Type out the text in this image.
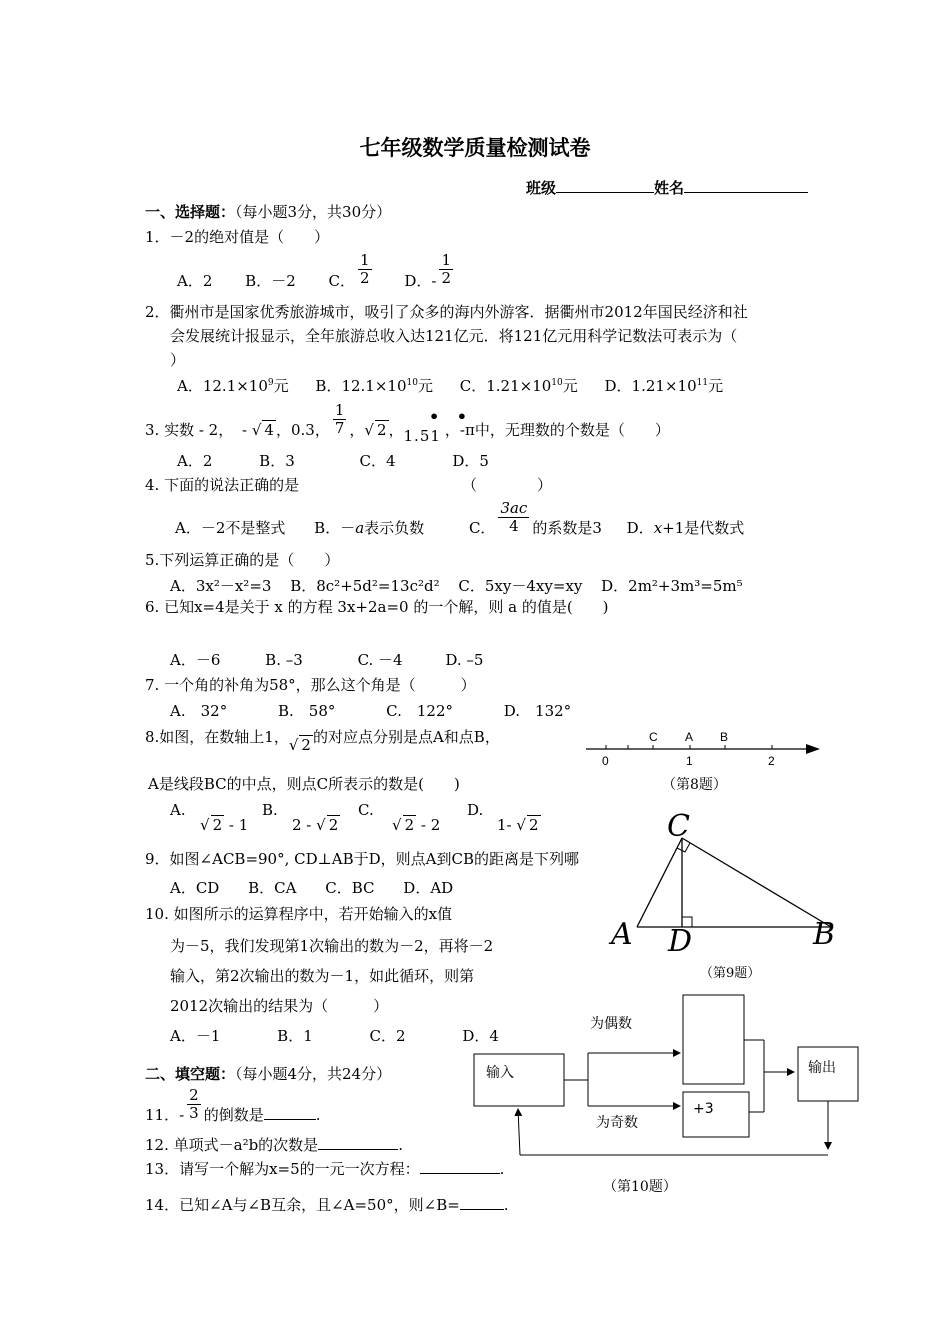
七年级数学质量检测试卷
班级	姓名
一、选择题：（每小题3分，共30分）
1．－2的绝对值是（　　）
A．2 B．－2 C． $\frac{1}{2}$ D．- $\frac{1}{2}$
2．衢州市是国家优秀旅游城市，吸引了众多的海内外游客．据衢州市2012年国民经济和社
会发展统计报显示，全年旅游总收入达121亿元．将121亿元用科学记数法可表示为（
）
A．$12.1\times 10^9$元 B．$12.1\times 10^{10}$元 C．$1.21\times 10^{10}$元 D．$1.21\times 10^{11}$元
3. 实数 - 2， - √ 4 ，0.3， $\frac{1}{7}$ ，√ 2 ，1.51 ，-π中，无理数的个数是（　　）
• •
A．2	B．3	C．4	D．5
4. 下面的说法正确的是	（　　　　）
A．－2不是整式 B．－a表示负数	C． $\frac{3ac}{4}$ 的系数是3 D．x+1是代数式
5.下列运算正确的是（　　）
A．3x²－x²=3 B．8c²+5d²=13c²d² C．5xy－4xy=xy D．2m²+3m³=5m⁵
6. 已知x=4是关于 x 的方程 3x+2a=0 的一个解，则 a 的值是(　　)
A．－6	B. –3	C. －4	D. –5
7. 一个角的补角为58°，那么这个角是（　　　）
A.　32°	B.　58°	C.　122°	D.　132°
8.如图，在数轴上1，√ 2 的对应点分别是点A和点B，
A是线段BC的中点，则点C所表示的数是(　　)
A.
√ 2 - 1
B.
2 - √ 2
C.
√ 2 - 2
D.
1- √ 2
C A B
0	1	2
（第8题）
9．如图∠ACB=90°, CD⊥AB于D，则点A到CB的距离是下列哪
A．CD B．CA C．BC D．AD
C
A D	B
（第9题）
10. 如图所示的运算程序中，若开始输入的x值
为－5，我们发现第1次输出的数为－2，再将－2
输入，第2次输出的数为－1，如此循环，则第
2012次输出的结果为（　　　）
A．－1	B．1	C．2	D．4
输入
为偶数
为奇数
+3
输出
（第10题）
二、填空题：（每小题4分，共24分）
11．- $\frac{2}{3}$ 的倒数是	.
12. 单项式－a²b的次数是	.
13．请写一个解为x=5的一元一次方程：	.
14．已知∠A与∠B互余，且∠A=50°，则∠B=	.
